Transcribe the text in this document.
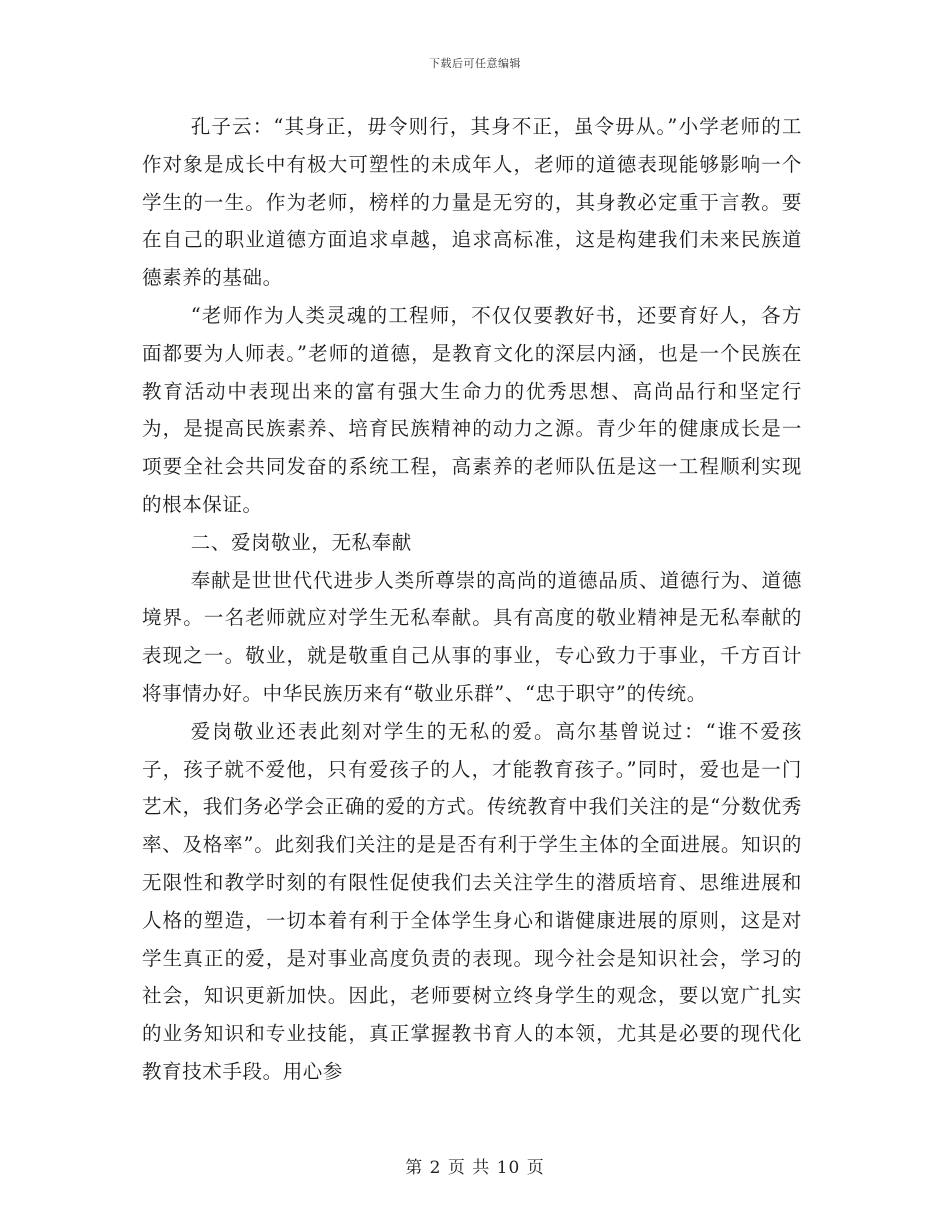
下载后可任意编辑

孔子云：“其身正，毋令则行，其身不正，虽令毋从。”小学老师的工作对象是成长中有极大可塑性的未成年人，老师的道德表现能够影响一个学生的一生。作为老师，榜样的力量是无穷的，其身教必定重于言教。要在自己的职业道德方面追求卓越，追求高标准，这是构建我们未来民族道德素养的基础。

“老师作为人类灵魂的工程师，不仅仅要教好书，还要育好人，各方面都要为人师表。”老师的道德，是教育文化的深层内涵，也是一个民族在教育活动中表现出来的富有强大生命力的优秀思想、高尚品行和坚定行为，是提高民族素养、培育民族精神的动力之源。青少年的健康成长是一项要全社会共同发奋的系统工程，高素养的老师队伍是这一工程顺利实现的根本保证。

二、爱岗敬业，无私奉献

奉献是世世代代进步人类所尊崇的高尚的道德品质、道德行为、道德境界。一名老师就应对学生无私奉献。具有高度的敬业精神是无私奉献的表现之一。敬业，就是敬重自己从事的事业，专心致力于事业，千方百计将事情办好。中华民族历来有“敬业乐群”、“忠于职守”的传统。

爱岗敬业还表此刻对学生的无私的爱。高尔基曾说过：“谁不爱孩子，孩子就不爱他，只有爱孩子的人，才能教育孩子。”同时，爱也是一门艺术，我们务必学会正确的爱的方式。传统教育中我们关注的是“分数优秀率、及格率”。此刻我们关注的是是否有利于学生主体的全面进展。知识的无限性和教学时刻的有限性促使我们去关注学生的潜质培育、思维进展和人格的塑造，一切本着有利于全体学生身心和谐健康进展的原则，这是对学生真正的爱，是对事业高度负责的表现。现今社会是知识社会，学习的社会，知识更新加快。因此，老师要树立终身学生的观念，要以宽广扎实的业务知识和专业技能，真正掌握教书育人的本领，尤其是必要的现代化教育技术手段。用心参

第 2 页 共 10 页
